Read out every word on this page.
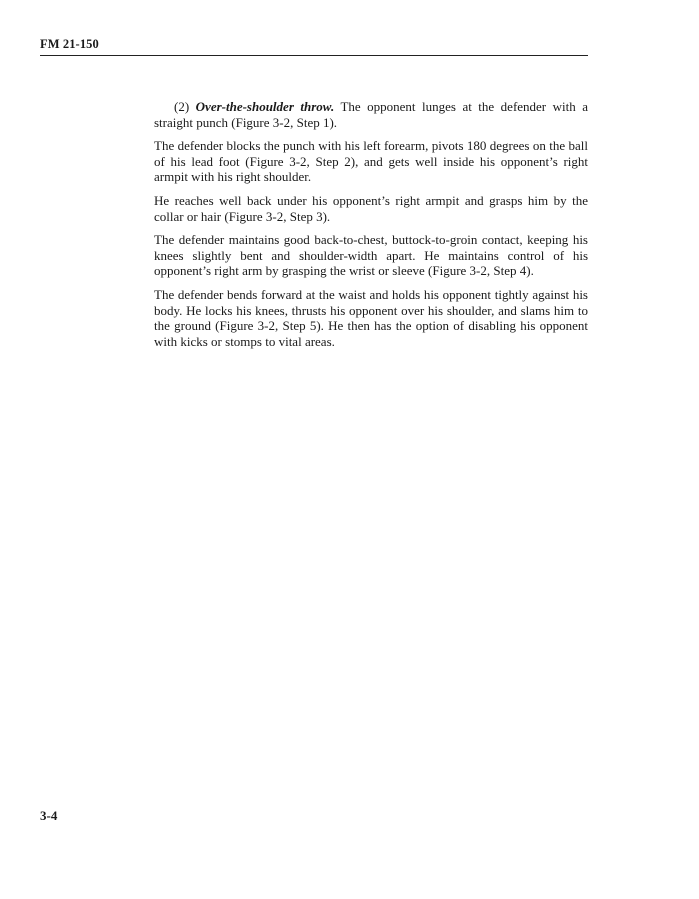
FM 21-150

(2) Over-the-shoulder throw. The opponent lunges at the defender with a straight punch (Figure 3-2, Step 1).

The defender blocks the punch with his left forearm, pivots 180 degrees on the ball of his lead foot (Figure 3-2, Step 2), and gets well inside his opponent’s right armpit with his right shoulder.

He reaches well back under his opponent’s right armpit and grasps him by the collar or hair (Figure 3-2, Step 3).

The defender maintains good back-to-chest, buttock-to-groin contact, keeping his knees slightly bent and shoulder-width apart. He maintains control of his opponent’s right arm by grasping the wrist or sleeve (Figure 3-2, Step 4).

The defender bends forward at the waist and holds his opponent tightly against his body. He locks his knees, thrusts his opponent over his shoulder, and slams him to the ground (Figure 3-2, Step 5). He then has the option of disabling his opponent with kicks or stomps to vital areas.

3-4
